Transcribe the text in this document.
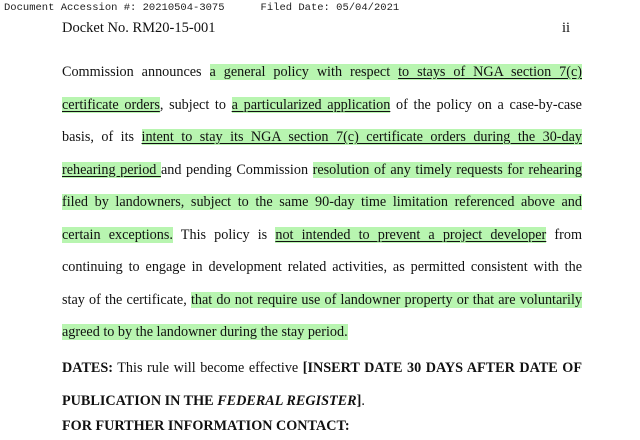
Document Accession #: 20210504-3075	Filed Date: 05/04/2021
Docket No. RM20-15-001	ii
Commission announces a general policy with respect to stays of NGA section 7(c) certificate orders, subject to a particularized application of the policy on a case-by-case basis, of its intent to stay its NGA section 7(c) certificate orders during the 30-day rehearing period and pending Commission resolution of any timely requests for rehearing filed by landowners, subject to the same 90-day time limitation referenced above and certain exceptions. This policy is not intended to prevent a project developer from continuing to engage in development related activities, as permitted consistent with the stay of the certificate, that do not require use of landowner property or that are voluntarily agreed to by the landowner during the stay period.
DATES: This rule will become effective [INSERT DATE 30 DAYS AFTER DATE OF PUBLICATION IN THE FEDERAL REGISTER].
FOR FURTHER INFORMATION CONTACT:
